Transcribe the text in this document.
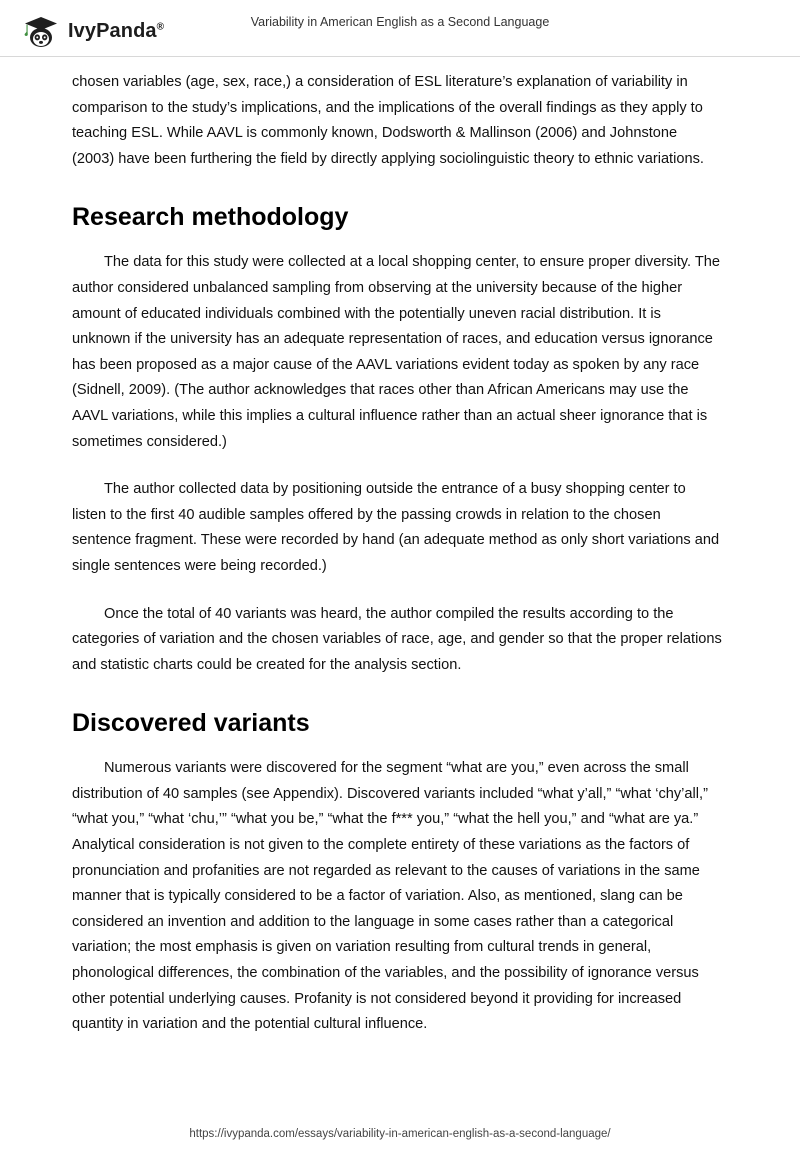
IvyPanda®	Variability in American English as a Second Language

chosen variables (age, sex, race,) a consideration of ESL literature’s explanation of variability in comparison to the study’s implications, and the implications of the overall findings as they apply to teaching ESL. While AAVL is commonly known, Dodsworth & Mallinson (2006) and Johnstone (2003) have been furthering the field by directly applying sociolinguistic theory to ethnic variations.

Research methodology

The data for this study were collected at a local shopping center, to ensure proper diversity. The author considered unbalanced sampling from observing at the university because of the higher amount of educated individuals combined with the potentially uneven racial distribution. It is unknown if the university has an adequate representation of races, and education versus ignorance has been proposed as a major cause of the AAVL variations evident today as spoken by any race (Sidnell, 2009). (The author acknowledges that races other than African Americans may use the AAVL variations, while this implies a cultural influence rather than an actual sheer ignorance that is sometimes considered.)

The author collected data by positioning outside the entrance of a busy shopping center to listen to the first 40 audible samples offered by the passing crowds in relation to the chosen sentence fragment. These were recorded by hand (an adequate method as only short variations and single sentences were being recorded.)

Once the total of 40 variants was heard, the author compiled the results according to the categories of variation and the chosen variables of race, age, and gender so that the proper relations and statistic charts could be created for the analysis section.

Discovered variants

Numerous variants were discovered for the segment “what are you,” even across the small distribution of 40 samples (see Appendix). Discovered variants included “what y’all,” “what ‘chy’all,” “what you,” “what ‘chu,’” “what you be,” “what the f*** you,” “what the hell you,” and “what are ya.” Analytical consideration is not given to the complete entirety of these variations as the factors of pronunciation and profanities are not regarded as relevant to the causes of variations in the same manner that is typically considered to be a factor of variation. Also, as mentioned, slang can be considered an invention and addition to the language in some cases rather than a categorical variation; the most emphasis is given on variation resulting from cultural trends in general, phonological differences, the combination of the variables, and the possibility of ignorance versus other potential underlying causes. Profanity is not considered beyond it providing for increased quantity in variation and the potential cultural influence.

https://ivypanda.com/essays/variability-in-american-english-as-a-second-language/
